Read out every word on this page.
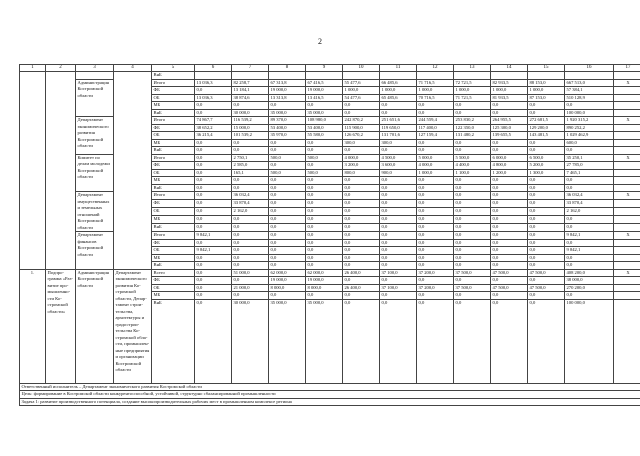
2
1	2	3	4	5	6	7	8	9	10	11	12	13	14	15	16	17
				ВнБ												
		Администрация Костромской области		Итого	13 036,3	82 258,7	67 313,8	67 416,5	55 477,6	66 485,6	71 716,5	72 721,5	82 933,5	88 153,0	667 513,0	X
				ФБ	0,0	13 184,1	19 000,0	19 000,0	1 000,0	1 000,0	1 000,0	1 000,0	1 000,0	1 000,0	57 384,1	
				ОБ	13 036,3	38 874,6	13 313,8	13 416,5	54 477,6	65 485,6	70 716,5	71 721,5	81 933,5	87 153,0	510 128,9	
				МБ	0,0	0,0	0,0	0,0	0,0	0,0	0,0	0,0	0,0	0,0	0,0	
				ВнБ	0,0	30 000,0	35 000,0	35 000,0	0,0	0,0	0,0	0,0	0,0	0,0	100 000,0	
		Департамент экономического развития Костромской области		Итого	74 867,7	116 539,2	89 370,0	108 980,0	242 870,2	251 651,6	244 559,4	253 830,2	264 955,5	272 681,5	1 920 315,2	X
				ФБ	38 652,2	15 000,0	53 400,0	53 400,0	115 900,0	119 650,0	117 400,0	122 350,0	125 300,0	129 200,0	890 252,2	
				ОБ	36 215,4	101 539,2	35 970,0	55 580,0	126 670,2	131 701,6	127 159,4	131 480,2	139 655,5	143 481,5	1 029 462,9	
				МБ	0,0	0,0	0,0	0,0	300,0	300,0	0,0	0,0	0,0	0,0	600,0	
				ВнБ	0,0	0,0	0,0	0,0	0,0	0,0	0,0	0,0	0,0	0,0	0,0	
		Комитет по делам молодежи Костромской области		Итого	0,0	2 750,1	500,0	500,0	4 000,0	4 500,0	5 000,0	5 500,0	6 000,0	6 500,0	35 250,1	X
				ФБ	0,0	2 585,0	0,0	0,0	3 200,0	3 600,0	4 000,0	4 400,0	4 800,0	5 200,0	27 785,0	
				ОБ	0,0	165,1	500,0	500,0	800,0	900,0	1 000,0	1 100,0	1 200,0	1 300,0	7 465,1	
				МБ	0,0	0,0	0,0	0,0	0,0	0,0	0,0	0,0	0,0	0,0	0,0	
				ВнБ	0,0	0,0	0,0	0,0	0,0	0,0	0,0	0,0	0,0	0,0	0,0	
		Департамент имущественных и земельных отношений Костромской области		Итого	0,0	36 032,4	0,0	0,0	0,0	0,0	0,0	0,0	0,0	0,0	36 032,4	X
				ФБ	0,0	33 870,4	0,0	0,0	0,0	0,0	0,0	0,0	0,0	0,0	33 870,4	
				ОБ	0,0	2 162,0	0,0	0,0	0,0	0,0	0,0	0,0	0,0	0,0	2 162,0	
				МБ	0,0	0,0	0,0	0,0	0,0	0,0	0,0	0,0	0,0	0,0	0,0	
				ВнБ	0,0	0,0	0,0	0,0	0,0	0,0	0,0	0,0	0,0	0,0	0,0	
		Департамент финансов Костромской области		Итого	9 842,1	0,0	0,0	0,0	0,0	0,0	0,0	0,0	0,0	0,0	9 842,1	X
				ФБ	0,0	0,0	0,0	0,0	0,0	0,0	0,0	0,0	0,0	0,0	0,0	
				ОБ	9 842,1	0,0	0,0	0,0	0,0	0,0	0,0	0,0	0,0	0,0	9 842,1	
				МБ	0,0	0,0	0,0	0,0	0,0	0,0	0,0	0,0	0,0	0,0	0,0	
				ВнБ	0,0	0,0	0,0	0,0	0,0	0,0	0,0	0,0	0,0	0,0	0,0	
1.	Подпрограмма «Развитие промышленности Костромской области»	Администрация Костромской области	Департамент экономического развития Костромской области, Департамент строительства, архитектуры и градостроительства Костромской области, промышленные предприятия и организации Костромской области	Всего	0,0	51 000,0	62 000,0	62 000,0	26 400,0	37 100,0	37 200,0	37 500,0	47 500,0	47 500,0	408 200,0	X
				ФБ	0,0	0,0	19 000,0	19 000,0	0,0	0,0	0,0	0,0	0,0	0,0	38 000,0	
				ОБ	0,0	21 000,0	8 000,0	8 000,0	26 400,0	37 100,0	37 200,0	37 500,0	47 500,0	47 500,0	270 200,0	
				МБ	0,0	0,0	0,0	0,0	0,0	0,0	0,0	0,0	0,0	0,0	0,0	
				ВнБ	0,0	30 000,0	35 000,0	35 000,0	0,0	0,0	0,0	0,0	0,0	0,0	100 000,0	
Ответственный исполнитель – Департамент экономического развития Костромской области																
Цель: формирование в Костромской области конкурентоспособной, устойчивой, структурно сбалансированной промышленности																
Задача 1: развитие производственного потенциала, создание высокопроизводительных рабочих мест в промышленном комплексе региона																
